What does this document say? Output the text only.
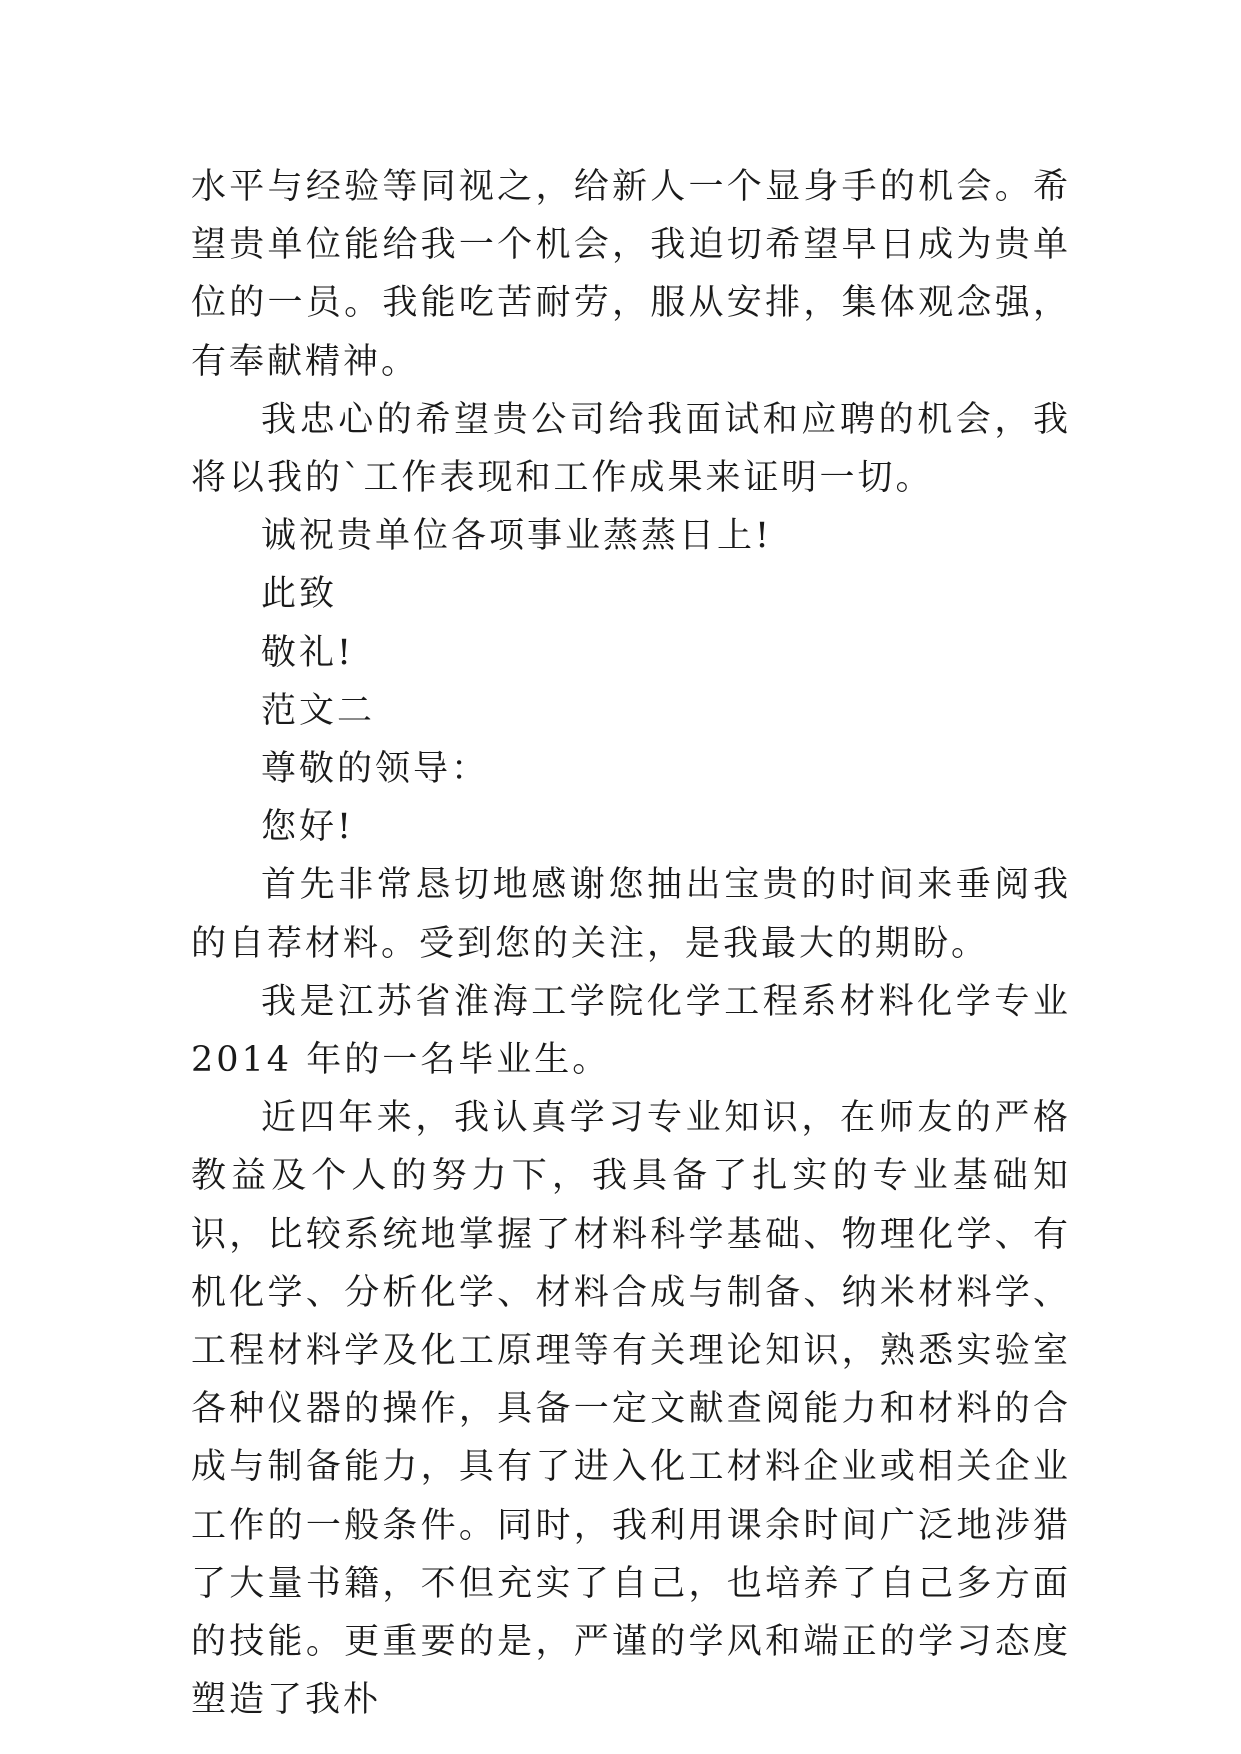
水平与经验等同视之，给新人一个显身手的机会。希望贵单位能给我一个机会，我迫切希望早日成为贵单位的一员。我能吃苦耐劳，服从安排，集体观念强，有奉献精神。

我忠心的希望贵公司给我面试和应聘的机会，我将以我的`工作表现和工作成果来证明一切。

诚祝贵单位各项事业蒸蒸日上!

此致

敬礼!

范文二

尊敬的领导：

您好!

首先非常恳切地感谢您抽出宝贵的时间来垂阅我的自荐材料。受到您的关注，是我最大的期盼。

我是江苏省淮海工学院化学工程系材料化学专业 2014 年的一名毕业生。

近四年来，我认真学习专业知识，在师友的严格教益及个人的努力下，我具备了扎实的专业基础知识，比较系统地掌握了材料科学基础、物理化学、有机化学、分析化学、材料合成与制备、纳米材料学、工程材料学及化工原理等有关理论知识，熟悉实验室各种仪器的操作，具备一定文献查阅能力和材料的合成与制备能力，具有了进入化工材料企业或相关企业工作的一般条件。同时，我利用课余时间广泛地涉猎了大量书籍，不但充实了自己，也培养了自己多方面的技能。更重要的是，严谨的学风和端正的学习态度塑造了我朴
